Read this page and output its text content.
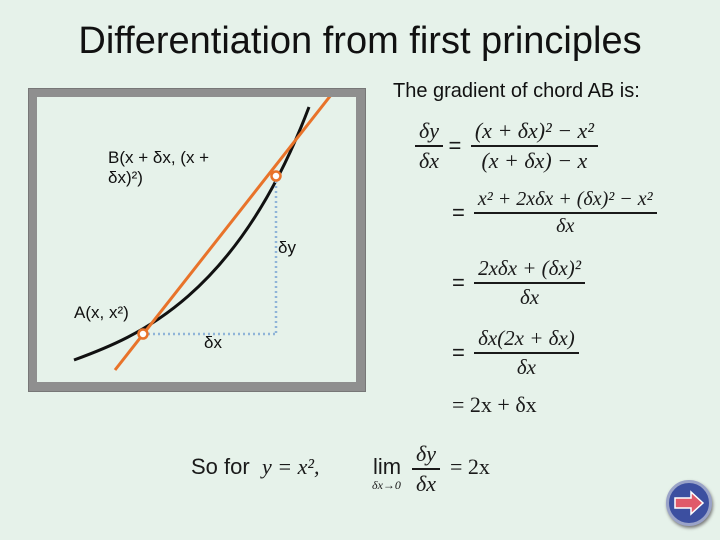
Differentiation from first principles
The gradient of chord AB is:
B(x + δx, (x +
δx)²)
A(x, x²)
δy
δx
$\frac{\delta y}{\delta x} = \frac{\text{(x + δx)² − x²}}{(x + \delta x) - x}$
= $\frac{\text{x² + 2xδx + (δx)² − x²}}{\delta x}$
= $\frac{\text{2xδx + (δx)²}}{\delta x}$
= $\frac{\delta x(2x + \delta x)}{\delta x}$
= 2x + δx
So for y = x², lim
$\delta x\to 0 \frac{\delta y}{\delta x} = 2x$
